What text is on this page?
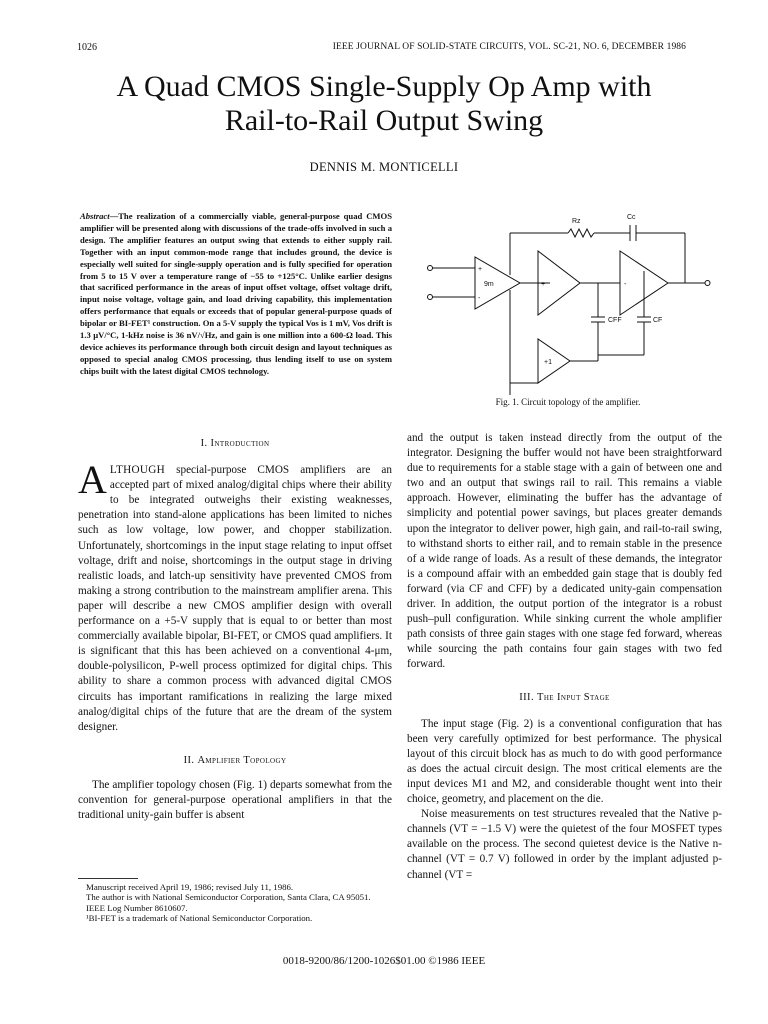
1026	IEEE JOURNAL OF SOLID-STATE CIRCUITS, VOL. SC-21, NO. 6, DECEMBER 1986
A Quad CMOS Single-Supply Op Amp with
Rail-to-Rail Output Swing
DENNIS M. MONTICELLI
Abstract—The realization of a commercially viable, general-purpose quad CMOS amplifier will be presented along with discussions of the trade-offs involved in such a design. The amplifier features an output swing that extends to either supply rail. Together with an input common-mode range that includes ground, the device is especially well suited for single-supply operation and is fully specified for operation from 5 to 15 V over a temperature range of −55 to +125°C. Unlike earlier designs that sacrificed performance in the areas of input offset voltage, offset voltage drift, input noise voltage, voltage gain, and load driving capability, this implementation offers performance that equals or exceeds that of popular general-purpose quads of bipolar or BI-FET¹ construction. On a 5-V supply the typical Vos is 1 mV, Vos drift is 1.3 μV/°C, 1-kHz noise is 36 nV/√Hz, and gain is one million into a 600-Ω load. This device achieves its performance through both circuit design and layout techniques as opposed to special analog CMOS processing, thus lending itself to use on system chips built with the latest digital CMOS technology.
Rz
Cc
9m
+
-
+	-
CFF	CF
+1
Fig. 1. Circuit topology of the amplifier.
I. Introduction

ALTHOUGH special-purpose CMOS amplifiers are an accepted part of mixed analog/digital chips where their ability to be integrated outweighs their existing weaknesses, penetration into stand-alone applications has been limited to niches such as low voltage, low power, and chopper stabilization. Unfortunately, shortcomings in the input stage relating to input offset voltage, drift and noise, shortcomings in the output stage in driving realistic loads, and latch-up sensitivity have prevented CMOS from making a strong contribution to the mainstream amplifier arena. This paper will describe a new CMOS amplifier design with overall performance on a +5-V supply that is equal to or better than most commercially available bipolar, BI-FET, or CMOS quad amplifiers. It is significant that this has been achieved on a conventional 4-μm, double-polysilicon, P-well process optimized for digital chips. This ability to share a common process with advanced digital CMOS circuits has important ramifications in realizing the large mixed analog/digital chips of the future that are the dream of the system designer.

II. Amplifier Topology

The amplifier topology chosen (Fig. 1) departs somewhat from the convention for general-purpose operational amplifiers in that the traditional unity-gain buffer is absent

Manuscript received April 19, 1986; revised July 11, 1986.
The author is with National Semiconductor Corporation, Santa Clara, CA 95051.
IEEE Log Number 8610607.
¹BI-FET is a trademark of National Semiconductor Corporation.

and the output is taken instead directly from the output of the integrator. Designing the buffer would not have been straightforward due to requirements for a stable stage with a gain of between one and two and an output that swings rail to rail. This remains a viable approach. However, eliminating the buffer has the advantage of simplicity and potential power savings, but places greater demands upon the integrator to deliver power, high gain, and rail-to-rail swing, to withstand shorts to either rail, and to remain stable in the presence of a wide range of loads. As a result of these demands, the integrator is a compound affair with an embedded gain stage that is doubly fed forward (via CF and CFF) by a dedicated unity-gain compensation driver. In addition, the output portion of the integrator is a robust push–pull configuration. While sinking current the whole amplifier path consists of three gain stages with one stage fed forward, whereas while sourcing the path contains four gain stages with two fed forward.

III. The Input Stage

The input stage (Fig. 2) is a conventional configuration that has been very carefully optimized for best performance. The physical layout of this circuit block has as much to do with good performance as does the actual circuit design. The most critical elements are the input devices M1 and M2, and considerable thought went into their choice, geometry, and placement on the die.

Noise measurements on test structures revealed that the Native p-channels (VT = −1.5 V) were the quietest of the four MOSFET types available on the process. The second quietest device is the Native n-channel (VT = 0.7 V) followed in order by the implant adjusted p-channel (VT =

0018-9200/86/1200-1026$01.00 ©1986 IEEE
